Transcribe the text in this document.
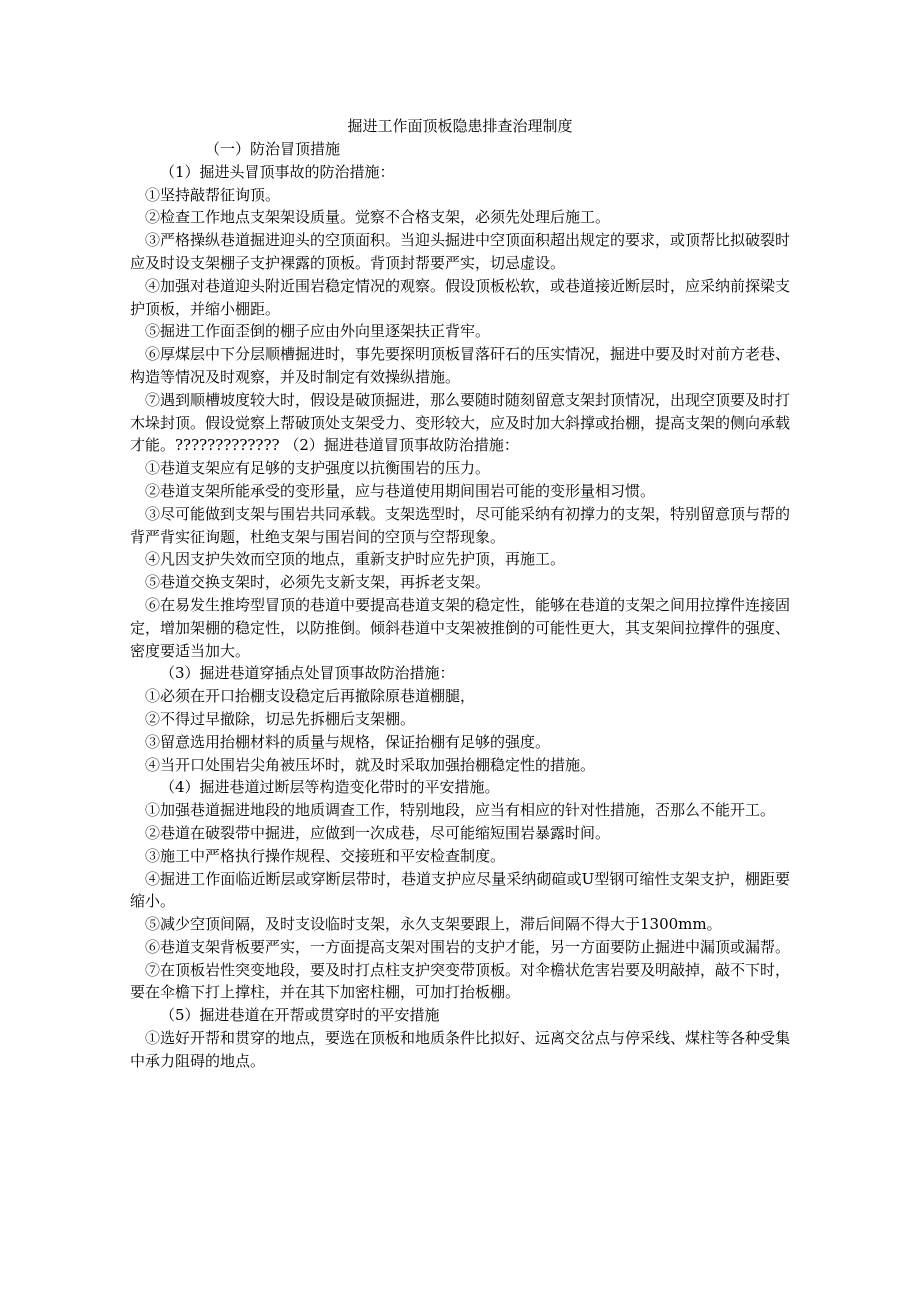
掘进工作面顶板隐患排查治理制度

（一）防治冒顶措施

（1）掘进头冒顶事故的防治措施：

①坚持敲帮征询顶。

②检查工作地点支架架设质量。觉察不合格支架，必须先处理后施工。

③严格操纵巷道掘进迎头的空顶面积。当迎头掘进中空顶面积超出规定的要求，或顶帮比拟破裂时应及时设支架棚子支护裸露的顶板。背顶封帮要严实，切忌虚设。

④加强对巷道迎头附近围岩稳定情况的观察。假设顶板松软，或巷道接近断层时，应采纳前探梁支护顶板，并缩小棚距。

⑤掘进工作面歪倒的棚子应由外向里逐架扶正背牢。

⑥厚煤层中下分层顺槽掘进时，事先要探明顶板冒落矸石的压实情况，掘进中要及时对前方老巷、构造等情况及时观察，并及时制定有效操纵措施。

⑦遇到顺槽坡度较大时，假设是破顶掘进，那么要随时随刻留意支架封顶情况，出现空顶要及时打木垛封顶。假设觉察上帮破顶处支架受力、变形较大，应及时加大斜撑或抬棚，提高支架的侧向承载才能。????????????? （2）掘进巷道冒顶事故防治措施：

①巷道支架应有足够的支护强度以抗衡围岩的压力。

②巷道支架所能承受的变形量，应与巷道使用期间围岩可能的变形量相习惯。

③尽可能做到支架与围岩共同承载。支架选型时，尽可能采纳有初撑力的支架，特别留意顶与帮的背严背实征询题，杜绝支架与围岩间的空顶与空帮现象。

④凡因支护失效而空顶的地点，重新支护时应先护顶，再施工。

⑤巷道交换支架时，必须先支新支架，再拆老支架。

⑥在易发生推垮型冒顶的巷道中要提高巷道支架的稳定性，能够在巷道的支架之间用拉撑件连接固定，增加架棚的稳定性，以防推倒。倾斜巷道中支架被推倒的可能性更大，其支架间拉撑件的强度、密度要适当加大。

（3）掘进巷道穿插点处冒顶事故防治措施：

①必须在开口抬棚支设稳定后再撤除原巷道棚腿，

②不得过早撤除，切忌先拆棚后支架棚。

③留意选用抬棚材料的质量与规格，保证抬棚有足够的强度。

④当开口处围岩尖角被压坏时，就及时采取加强抬棚稳定性的措施。

（4）掘进巷道过断层等构造变化带时的平安措施。

①加强巷道掘进地段的地质调查工作，特别地段，应当有相应的针对性措施，否那么不能开工。

②巷道在破裂带中掘进，应做到一次成巷，尽可能缩短围岩暴露时间。

③施工中严格执行操作规程、交接班和平安检查制度。

④掘进工作面临近断层或穿断层带时，巷道支护应尽量采纳砌碹或U型钢可缩性支架支护，棚距要缩小。

⑤减少空顶间隔，及时支设临时支架，永久支架要跟上，滞后间隔不得大于1300mm。

⑥巷道支架背板要严实，一方面提高支架对围岩的支护才能，另一方面要防止掘进中漏顶或漏帮。

⑦在顶板岩性突变地段，要及时打点柱支护突变带顶板。对伞檐状危害岩要及明敲掉，敲不下时，要在伞檐下打上撑柱，并在其下加密柱棚，可加打抬板棚。

（5）掘进巷道在开帮或贯穿时的平安措施

①选好开帮和贯穿的地点，要选在顶板和地质条件比拟好、远离交岔点与停采线、煤柱等各种受集中承力阻碍的地点。
